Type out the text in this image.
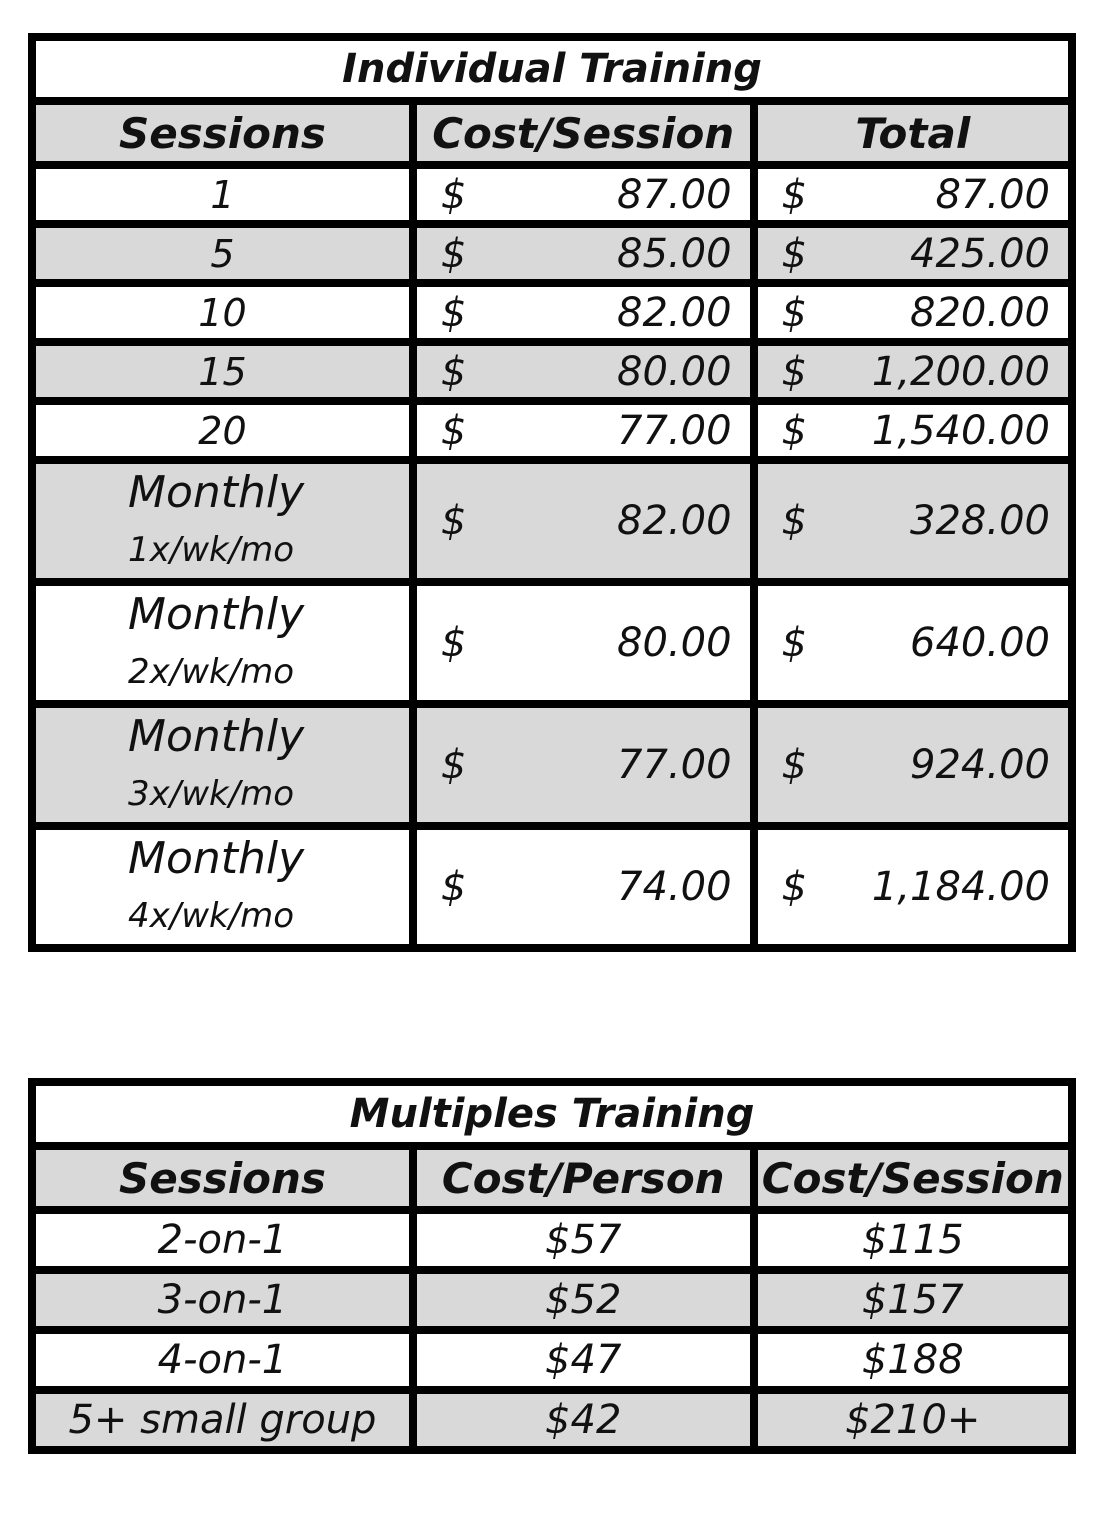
Individual Training		
Sessions	Cost/Session	Total
1	$ 87.00	$ 87.00

5	$ 85.00	$ 425.00

10	$ 82.00	$ 820.00

15	$ 80.00	$ 1,200.00

20	$ 77.00	$ 1,540.00

Monthly
1x/wk/mo	$ 82.00	$ 328.00

Monthly
2x/wk/mo	$ 80.00	$ 640.00

Monthly
3x/wk/mo	$ 77.00	$ 924.00

Monthly
4x/wk/mo	$ 74.00	$ 1,184.00
Multiples Training		
Sessions	Cost/Person	Cost/Session
2-on-1	$57	$115
3-on-1	$52	$157
4-on-1	$47	$188
5+ small group	$42	$210+
